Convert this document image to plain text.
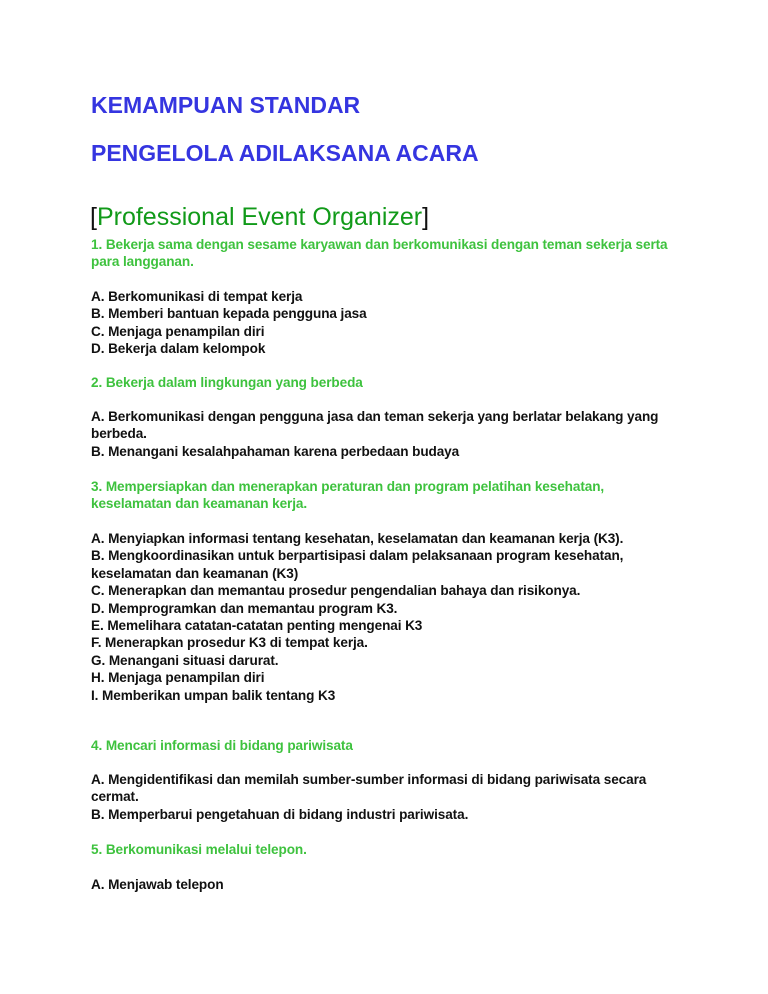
KEMAMPUAN STANDAR
PENGELOLA ADILAKSANA ACARA
[Professional Event Organizer]
1. Bekerja sama dengan sesame karyawan dan berkomunikasi dengan teman sekerja serta para langganan.
A. Berkomunikasi di tempat kerja
B. Memberi bantuan kepada pengguna jasa
C. Menjaga penampilan diri
D. Bekerja dalam kelompok
2. Bekerja dalam lingkungan yang berbeda
A. Berkomunikasi dengan pengguna jasa dan teman sekerja yang berlatar belakang yang berbeda.
B. Menangani kesalahpahaman karena perbedaan budaya
3. Mempersiapkan dan menerapkan peraturan dan program pelatihan kesehatan, keselamatan dan keamanan kerja.
A. Menyiapkan informasi tentang kesehatan, keselamatan dan keamanan kerja (K3).
B. Mengkoordinasikan untuk berpartisipasi dalam pelaksanaan program kesehatan, keselamatan dan keamanan (K3)
C. Menerapkan dan memantau prosedur pengendalian bahaya dan risikonya.
D. Memprogramkan dan memantau program K3.
E. Memelihara catatan-catatan penting mengenai K3
F. Menerapkan prosedur K3 di tempat kerja.
G. Menangani situasi darurat.
H. Menjaga penampilan diri
I. Memberikan umpan balik tentang K3
4. Mencari informasi di bidang pariwisata
A. Mengidentifikasi dan memilah sumber-sumber informasi di bidang pariwisata secara cermat.
B. Memperbarui pengetahuan di bidang industri pariwisata.
5. Berkomunikasi melalui telepon.
A. Menjawab telepon
